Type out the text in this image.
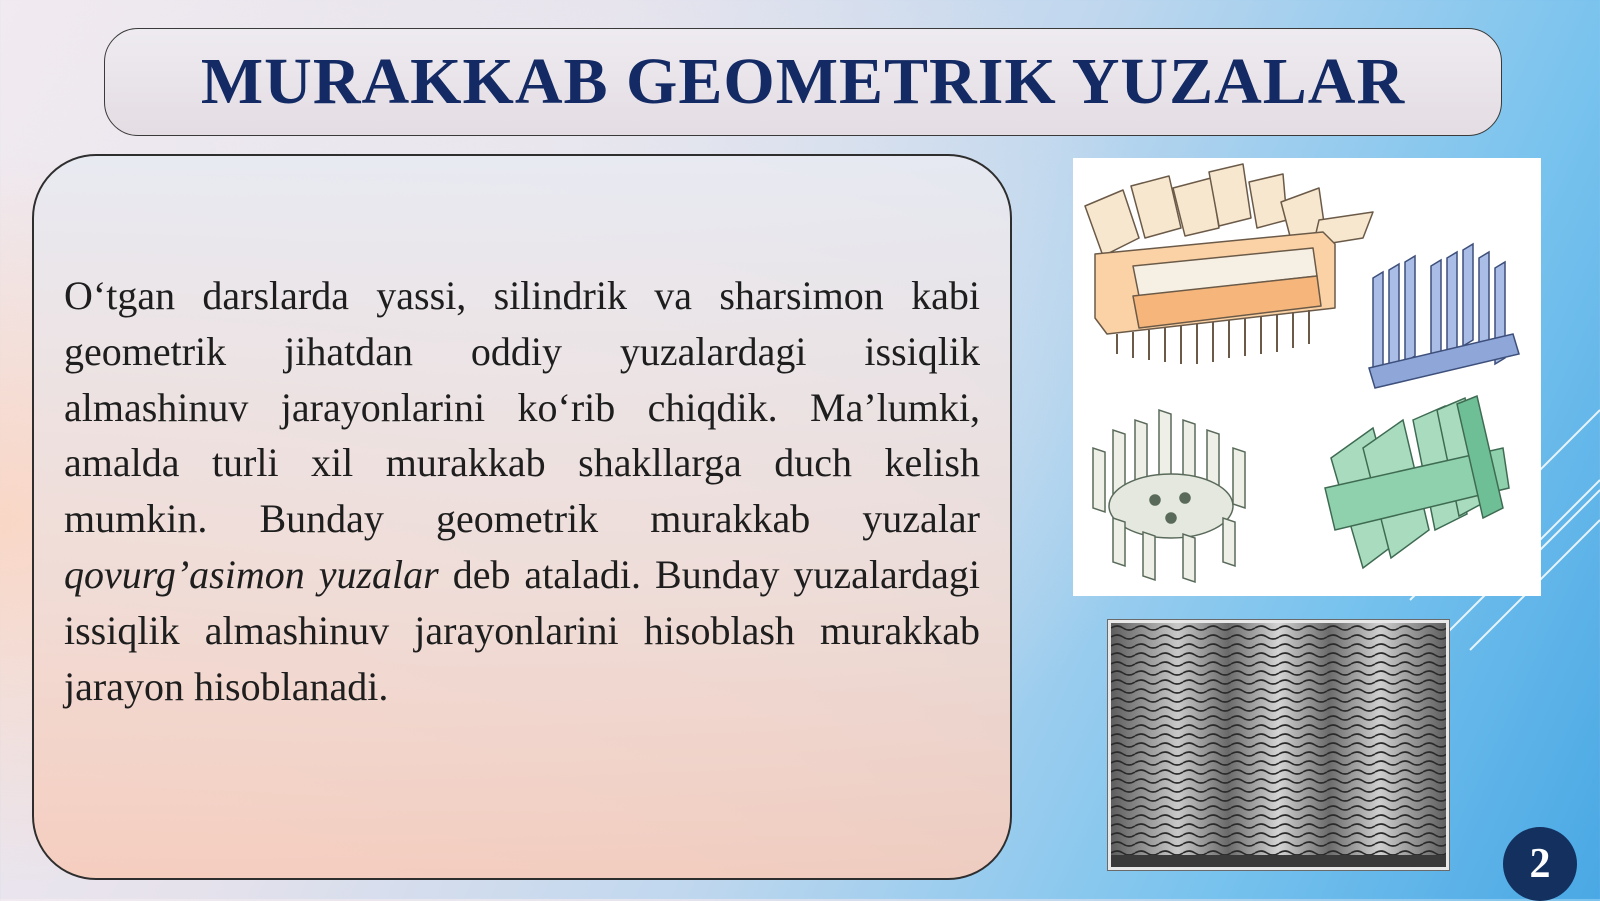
MURAKKAB GEOMETRIK YUZALAR

O‘tgan darslarda yassi, silindrik va sharsimon kabi geometrik jihatdan oddiy yuzalardagi issiqlik almashinuv jarayonlarini ko‘rib chiqdik. Ma’lumki, amalda turli xil murakkab shakllarga duch kelish mumkin. Bunday geometrik murakkab yuzalar qovurg’asimon yuzalar deb ataladi. Bunday yuzalardagi issiqlik almashinuv jarayonlarini hisoblash murakkab jarayon hisoblanadi.

2
